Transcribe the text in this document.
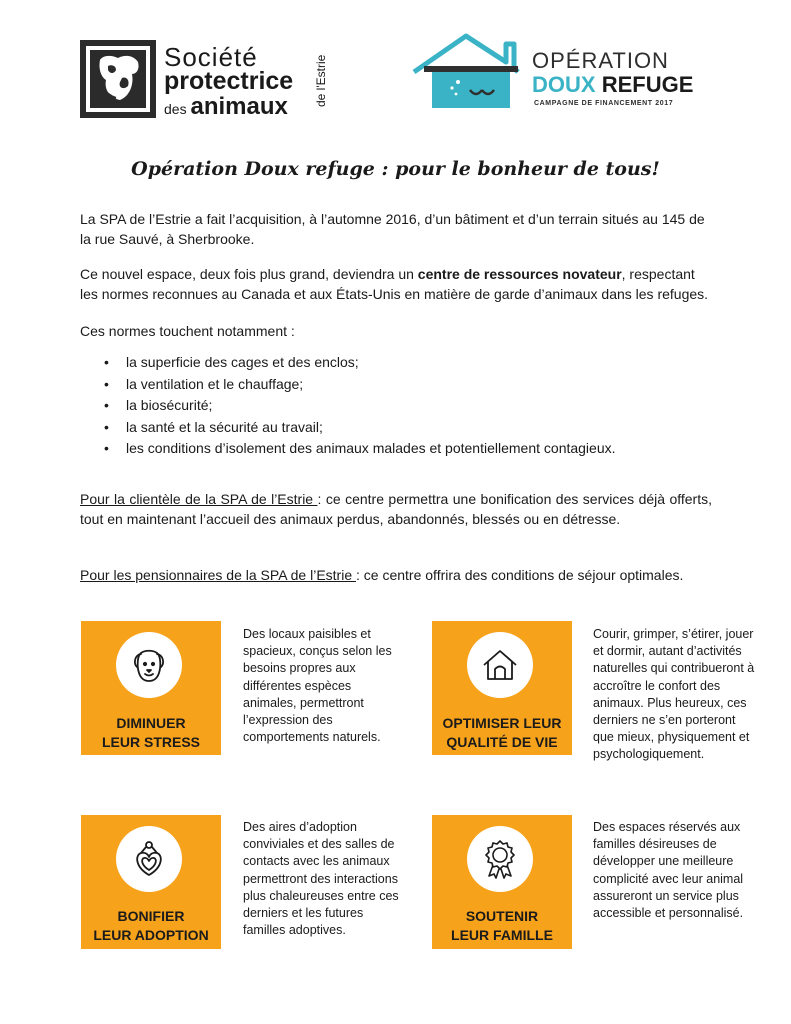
Société
protectrice
des animaux de l'Estrie	OPÉRATION
DOUX REFUGE
CAMPAGNE DE FINANCEMENT 2017
Opération Doux refuge : pour le bonheur de tous!

La SPA de l’Estrie a fait l’acquisition, à l’automne 2016, d’un bâtiment et d’un terrain situés au 145 de la rue Sauvé, à Sherbrooke.

Ce nouvel espace, deux fois plus grand, deviendra un centre de ressources novateur, respectant les normes reconnues au Canada et aux États-Unis en matière de garde d’animaux dans les refuges.

Ces normes touchent notamment :

• la superficie des cages et des enclos;
• la ventilation et le chauffage;
• la biosécurité;
• la santé et la sécurité au travail;
• les conditions d’isolement des animaux malades et potentiellement contagieux.

Pour la clientèle de la SPA de l’Estrie : ce centre permettra une bonification des services déjà offerts, tout en maintenant l’accueil des animaux perdus, abandonnés, blessés ou en détresse.

Pour les pensionnaires de la SPA de l’Estrie : ce centre offrira des conditions de séjour optimales.

DIMINUER
LEUR STRESS
Des locaux paisibles et spacieux, conçus selon les besoins propres aux différentes espèces animales, permettront l’expression des comportements naturels.
OPTIMISER LEUR
QUALITÉ DE VIE
Courir, grimper, s’étirer, jouer et dormir, autant d’activités naturelles qui contribueront à accroître le confort des animaux. Plus heureux, ces derniers ne s’en porteront que mieux, physiquement et psychologiquement.
BONIFIER
LEUR ADOPTION
Des aires d’adoption conviviales et des salles de contacts avec les animaux permettront des interactions plus chaleureuses entre ces derniers et les futures familles adoptives.
SOUTENIR
LEUR FAMILLE
Des espaces réservés aux familles désireuses de développer une meilleure complicité avec leur animal assureront un service plus accessible et personnalisé.
